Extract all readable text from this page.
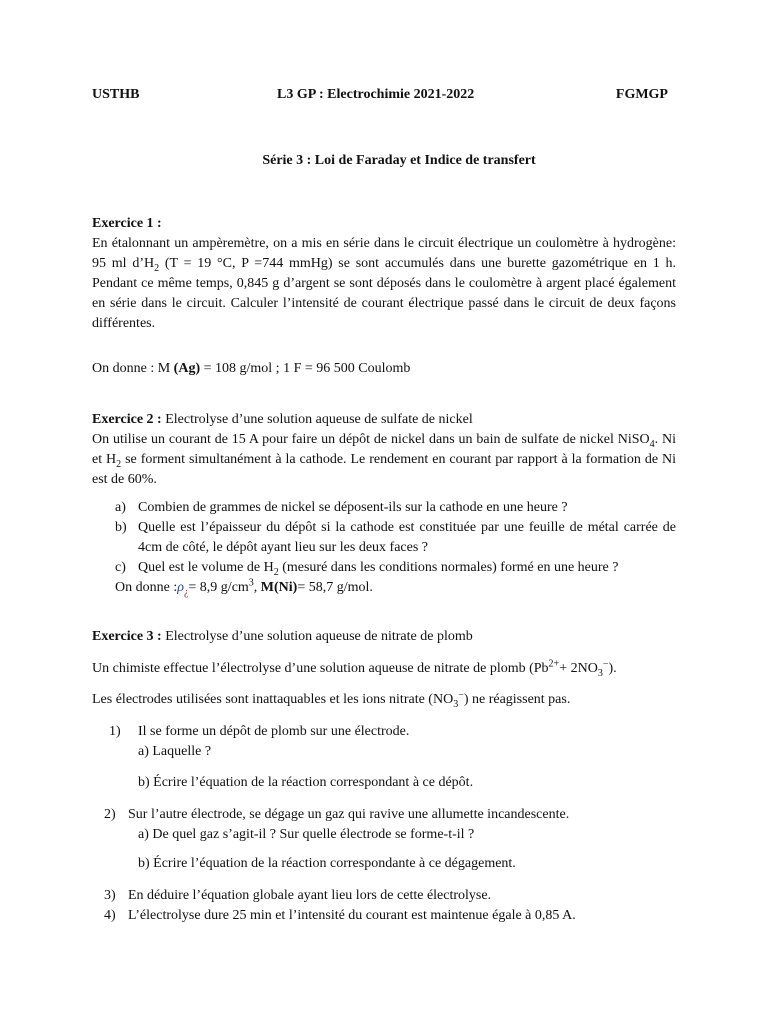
USTHB	L3 GP : Electrochimie 2021-2022	FGMGP
Série 3 : Loi de Faraday et Indice de transfert
Exercice 1 :
En étalonnant un ampèremètre, on a mis en série dans le circuit électrique un coulomètre à hydrogène: 95 ml $d’H_2$ (T = 19 °C, P =744 mmHg) se sont accumulés dans une burette gazométrique en 1 h. Pendant ce même temps, 0,845 g d’argent se sont déposés dans le coulomètre à argent placé également en série dans le circuit. Calculer l’intensité de courant électrique passé dans le circuit de deux façons différentes.
On donne : M (Ag) = 108 g/mol ; 1 F = 96 500 Coulomb
Exercice 2 : Electrolyse d’une solution aqueuse de sulfate de nickel
On utilise un courant de 15 A pour faire un dépôt de nickel dans un bain de sulfate de nickel NiSO$_4$. Ni et $H_2$ se forment simultanément à la cathode. Le rendement en courant par rapport à la formation de Ni est de 60%.
a) Combien de grammes de nickel se déposent-ils sur la cathode en une heure ?
b) Quelle est l’épaisseur du dépôt si la cathode est constituée par une feuille de métal carrée de 4cm de côté, le dépôt ayant lieu sur les deux faces ?
c) Quel est le volume de $H_2$ (mesuré dans les conditions normales) formé en une heure ?
On donne $:\rho_¿= 8,9$ $g/cm^3$, M(Ni)= 58,7 g/mol.
Exercice 3 : Electrolyse d’une solution aqueuse de nitrate de plomb
Un chimiste effectue l’électrolyse d’une solution aqueuse de nitrate de plomb $(Pb^{2+}+ 2NO_3^-)$.
Les électrodes utilisées sont inattaquables et les ions nitrate $(NO_3^-)$ ne réagissent pas.
1)	Il se forme un dépôt de plomb sur une électrode.
a) Laquelle ?
b) Écrire l’équation de la réaction correspondant à ce dépôt.
2) Sur l’autre électrode, se dégage un gaz qui ravive une allumette incandescente.
a) De quel gaz s’agit-il ? Sur quelle électrode se forme-t-il ?
b) Écrire l’équation de la réaction correspondante à ce dégagement.
3) En déduire l’équation globale ayant lieu lors de cette électrolyse.
4) L’électrolyse dure 25 min et l’intensité du courant est maintenue égale à 0,85 A.
